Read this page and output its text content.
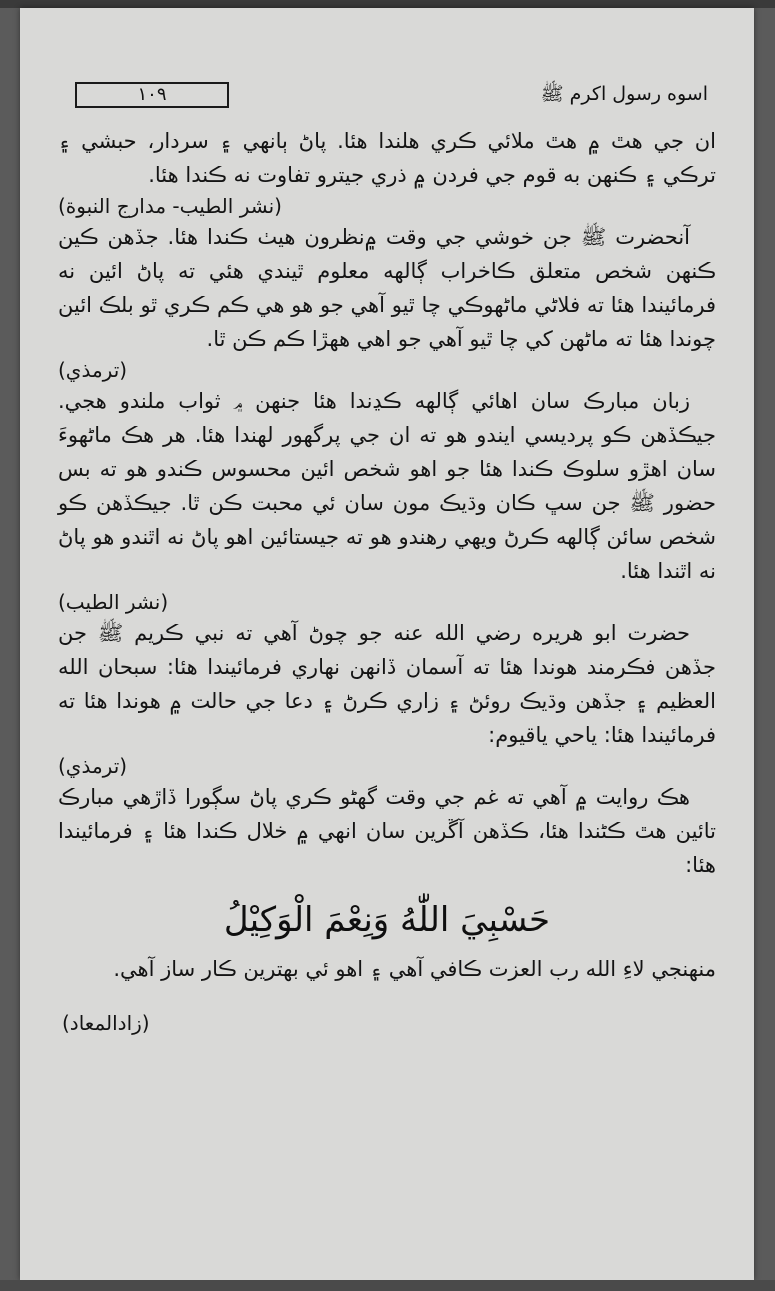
١٠٩	اسوه رسول اکرم ﷺ

ان جي هٿ ۾ هٿ ملائي ڪري هلندا هئا. پاڻ ٻانهي ۽ سردار، حبشي ۽ ترڪي ۽ ڪنهن به قوم جي فردن ۾ ذري جيترو تفاوت نه ڪندا هئا.

(نشر الطيب- مدارج النبوة)

آنحضرت ﷺ جن خوشي جي وقت ۾نظرون هيٺ ڪندا هئا. جڏهن ڪين ڪنهن شخص متعلق ڪاخراب ڳالهه معلوم ٿيندي هئي ته پاڻ ائين نه فرمائيندا هئا ته فلاڻي ماڻهوڪي چا ٿيو آهي جو هو هي ڪم ڪري ٿو بلڪ ائين چوندا هئا ته ماڻهن کي چا ٿيو آهي جو اهي ههڙا ڪم ڪن ٿا.

(ترمذي)

زبان مبارڪ سان اهائي ڳالهه ڪڍندا هئا جنهن ۾ ثواب ملندو هجي. جيڪڏهن ڪو پرديسي ايندو هو ته ان جي پرگهور لهندا هئا. هر هڪ ماڻهوءَ سان اهڙو سلوڪ ڪندا هئا جو اهو شخص ائين محسوس ڪندو هو ته بس حضور ﷺ جن سڀ ڪان وڌيڪ مون سان ئي محبت ڪن ٿا. جيڪڏهن ڪو شخص سائن ڳالهه ڪرڻ ويهي رهندو هو ته جيستائين اهو پاڻ نه اٿندو هو پاڻ نه اٿندا هئا.

(نشر الطيب)

حضرت ابو هريره رضي الله عنه جو چوڻ آهي ته نبي ڪريم ﷺ جن جڏهن فڪرمند هوندا هئا ته آسمان ڏانهن نهاري فرمائيندا هئا: سبحان الله العظيم ۽ جڏهن وڌيڪ روئڻ ۽ زاري ڪرڻ ۽ دعا جي حالت ۾ هوندا هئا ته فرمائيندا هئا: ياحي ياقيوم:

(ترمذي)

هڪ روايت ۾ آهي ته غم جي وقت گهڻو ڪري پاڻ سڳورا ڏاڙهي مبارڪ تائين هٿ ڪڻندا هئا، ڪڏهن آڱرين سان انهي ۾ خلال ڪندا هئا ۽ فرمائيندا هئا:

حَسْبِيَ اللّٰهُ وَنِعْمَ الْوَكِيْلُ

منهنجي لاءِ الله رب العزت ڪافي آهي ۽ اهو ئي بهترين ڪار ساز آهي.

(زادالمعاد)
